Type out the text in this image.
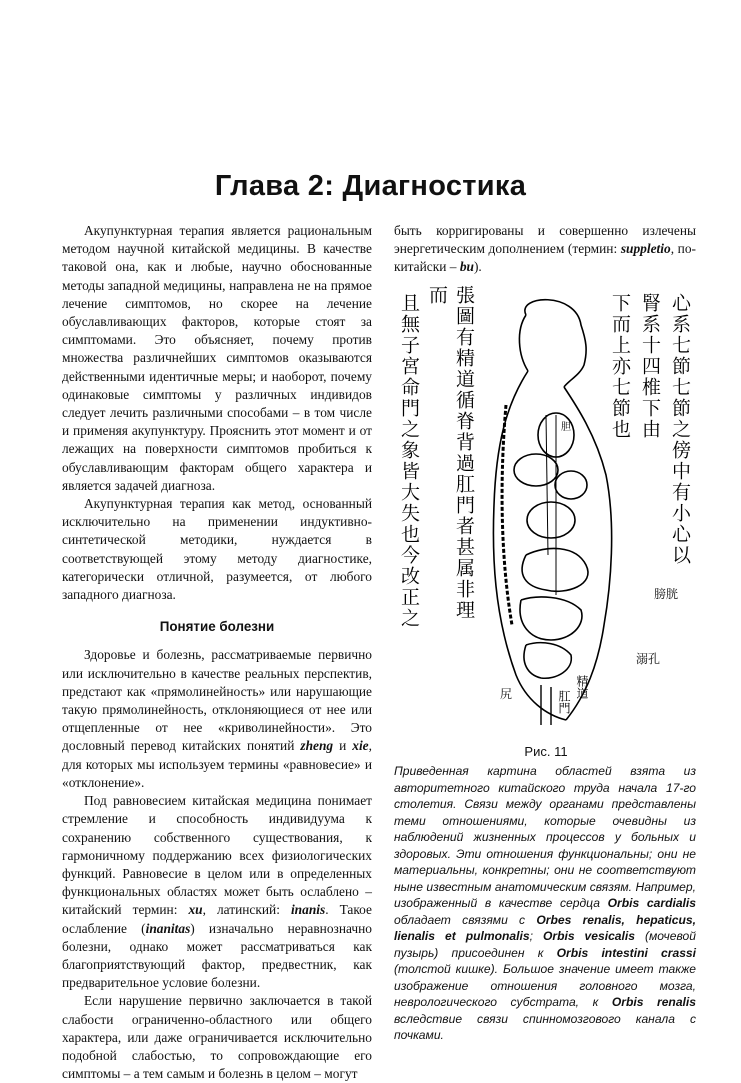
Глава 2: Диагностика

Акупунктурная терапия является рациональным методом научной китайской медицины. В качестве таковой она, как и любые, научно обоснованные методы западной медицины, направлена не на прямое лечение симптомов, но скорее на лечение обуславливающих факторов, которые стоят за симптомами. Это объясняет, почему против множества различнейших симптомов оказываются действенными идентичные меры; и наоборот, почему одинаковые симптомы у различных индивидов следует лечить различными способами – в том числе и применяя акупунктуру. Прояснить этот момент и от лежащих на поверхности симптомов пробиться к обуславливающим факторам общего характера и является задачей диагноза.

Акупунктурная терапия как метод, основанный исключительно на применении индуктивно-синтетической методики, нуждается в соответствующей этому методу диагностике, категорически отличной, разумеется, от любого западного диагноза.

Понятие болезни

Здоровье и болезнь, рассматриваемые первично или исключительно в качестве реальных перспектив, предстают как «прямолинейность» или нарушающие такую прямолинейность, отклоняющиеся от нее или отщепленные от нее «криволинейности». Это дословный перевод китайских понятий zheng и xie, для которых мы используем термины «равновесие» и «отклонение».

Под равновесием китайская медицина понимает стремление и способность индивидуума к сохранению собственного существования, к гармоничному поддержанию всех физиологических функций. Равновесие в целом или в определенных функциональных областях может быть ослаблено – китайский термин: xu, латинский: inanis. Такое ослабление (inanitas) изначально неравнозначно болезни, однако может рассматриваться как благоприятствующий фактор, предвестник, как предварительное условие болезни.

Если нарушение первично заключается в такой слабости ограниченно-областного или общего характера, или даже ограничивается исключительно подобной слабостью, то сопровождающие его симптомы – а тем самым и болезнь в целом – могут

быть корригированы и совершенно излечены энергетическим дополнением (термин: suppletio, по-китайски – bu).

心系七節七節之傍中有小心以
腎系十四椎下由
下而上亦七節也
且無子宮命門之象皆大失也今改正之	張圖有精道循脊背過肛門者甚属非理而
胆
膀胱
溺孔
精道
肛門
尻
Рис. 11
Приведенная картина областей взята из авторитетного китайского труда начала 17-го столетия. Связи между органами представлены теми отношениями, которые очевидны из наблюдений жизненных процессов у больных и здоровых. Эти отношения функциональны; они не материальны, конкретны; они не соответствуют ныне известным анатомическим связям. Например, изображенный в качестве сердца Orbis cardialis обладает связями с Orbes renalis, hepaticus, lienalis et pulmonalis; Orbis vesicalis (мочевой пузырь) присоединен к Orbis intestini crassi (толстой кишке). Большое значение имеет также изображение отношения головного мозга, неврологического субстрата, к Orbis renalis вследствие связи спинномозгового канала с почками.
